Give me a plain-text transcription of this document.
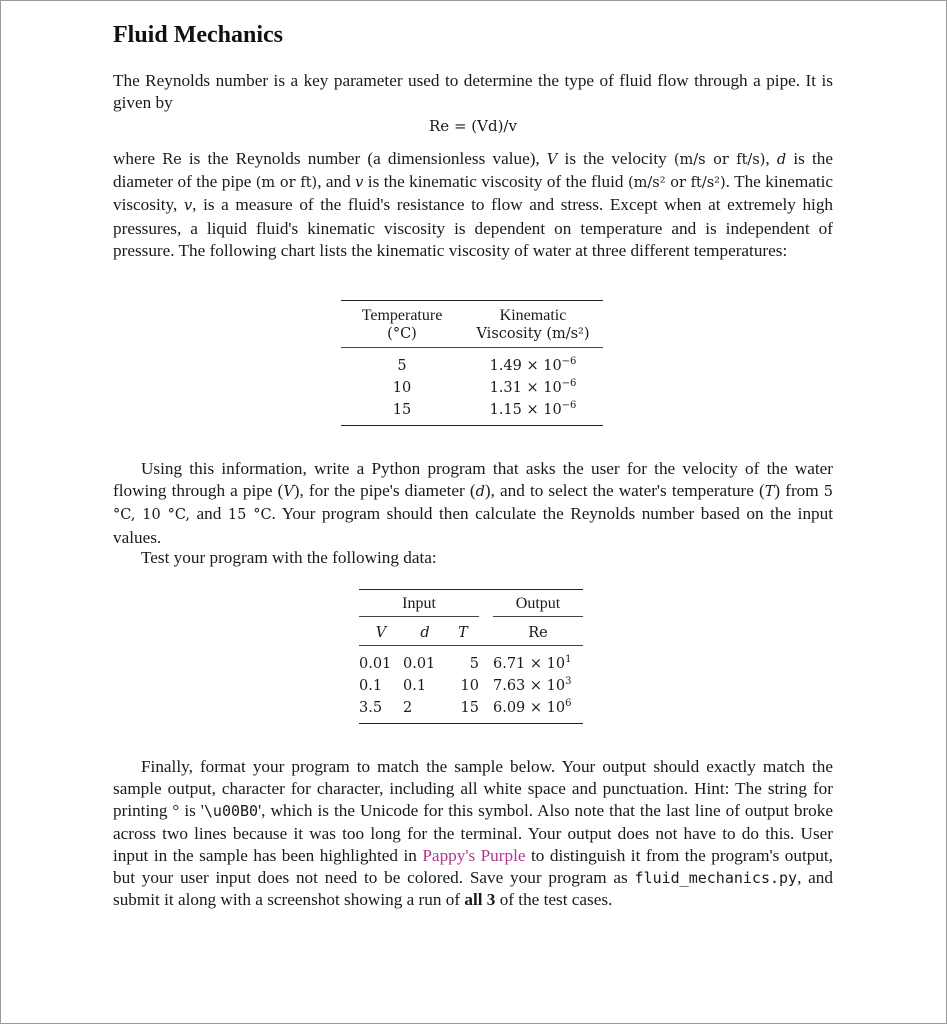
Fluid Mechanics
The Reynolds number is a key parameter used to determine the type of fluid flow through a pipe. It is given by
Re = (Vd)/v
where Re is the Reynolds number (a dimensionless value), V is the velocity (m/s or ft/s), d is the diameter of the pipe (m or ft), and v is the kinematic viscosity of the fluid (m/s² or ft/s²). The kinematic viscosity, v, is a measure of the fluid's resistance to flow and stress. Except when at extremely high pressures, a liquid fluid's kinematic viscosity is dependent on temperature and is independent of pressure. The following chart lists the kinematic viscosity of water at three different temperatures:

Temperature	Kinematic
(°C)	Viscosity (m/s²)

5	$1.49 \times 10^{-6}$
10	$1.31 \times 10^{-6}$
15	$1.15 \times 10^{-6}$

Using this information, write a Python program that asks the user for the velocity of the water flowing through a pipe (V), for the pipe's diameter (d), and to select the water's temperature (T) from 5 °C, 10 °C, and 15 °C. Your program should then calculate the Reynolds number based on the input values.
Test your program with the following data:

Input				Output

V	d	T		Re

0.01	0.01	5		$6.71 \times 10^1$
0.1	0.1	10		$7.63 \times 10^3$
3.5	2	15		$6.09 \times 10^6$

Finally, format your program to match the sample below. Your output should exactly match the sample output, character for character, including all white space and punctuation. Hint: The string for printing ° is '\u00B0', which is the Unicode for this symbol. Also note that the last line of output broke across two lines because it was too long for the terminal. Your output does not have to do this. User input in the sample has been highlighted in Pappy's Purple to distinguish it from the program's output, but your user input does not need to be colored. Save your program as fluid_mechanics.py, and submit it along with a screenshot showing a run of all 3 of the test cases.
